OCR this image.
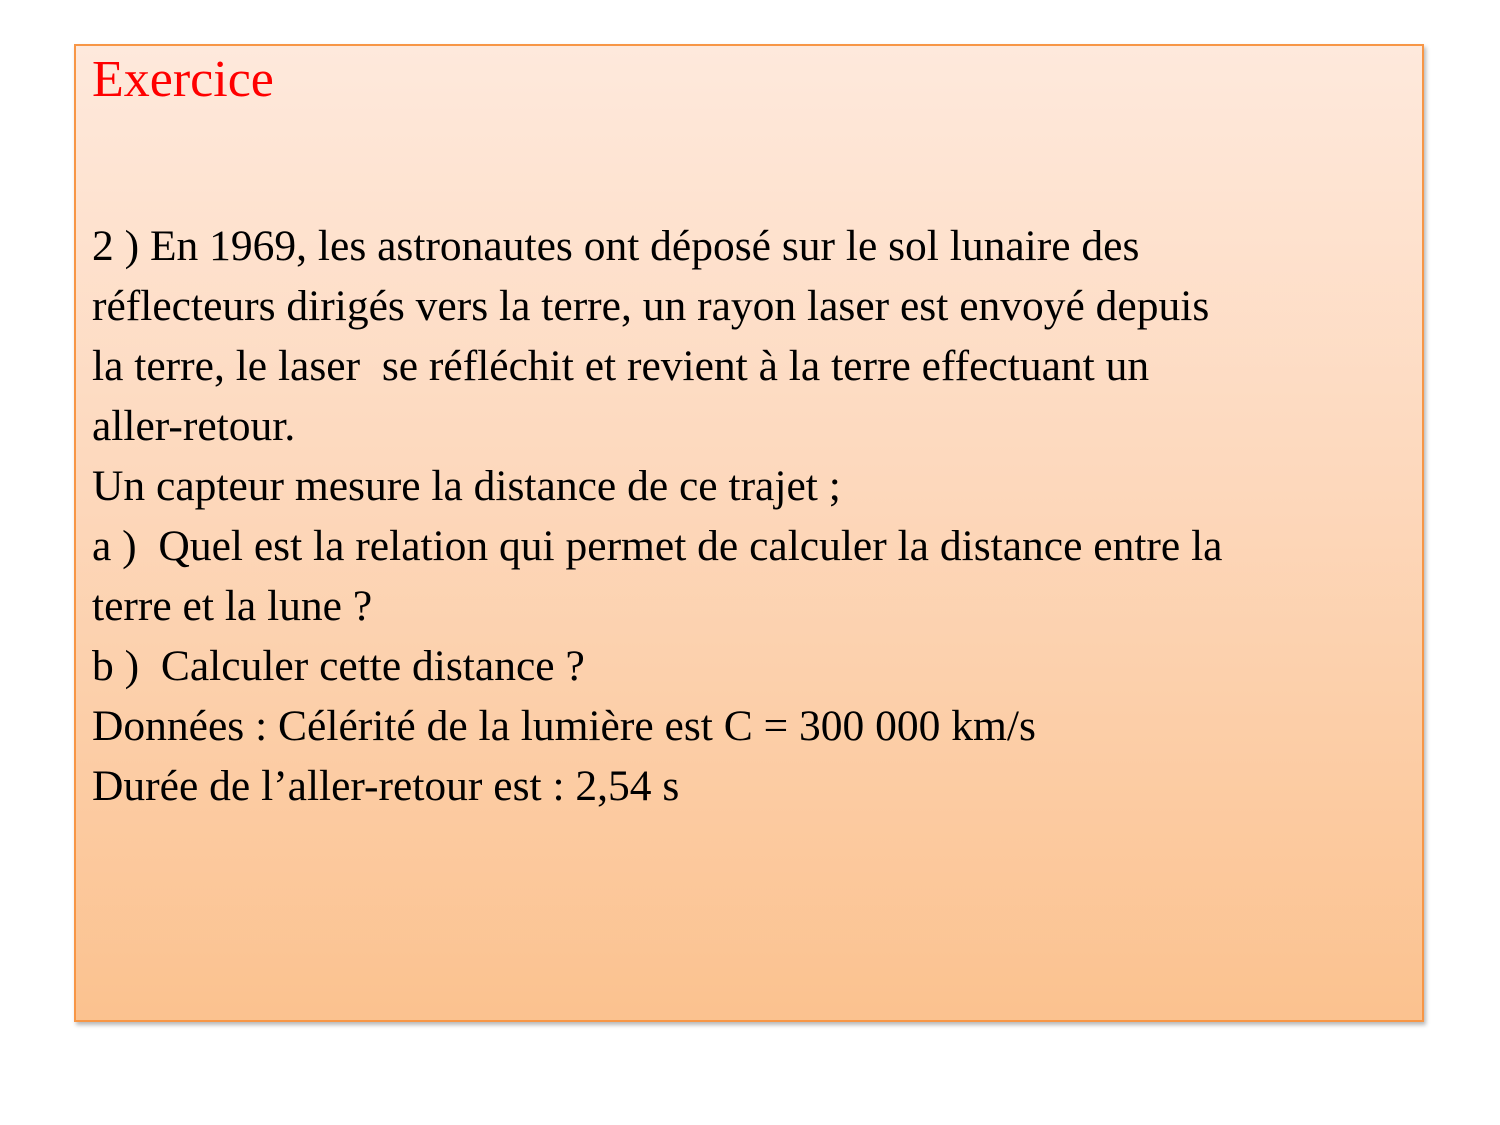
Exercice
2 ) En 1969, les astronautes ont déposé sur le sol lunaire des
réflecteurs dirigés vers la terre, un rayon laser est envoyé depuis
la terre, le laser  se réfléchit et revient à la terre effectuant un
aller-retour.
Un capteur mesure la distance de ce trajet ;
a )  Quel est la relation qui permet de calculer la distance entre la
terre et la lune ?
b )  Calculer cette distance ?
Données : Célérité de la lumière est C = 300 000 km/s
Durée de l’aller-retour est : 2,54 s
